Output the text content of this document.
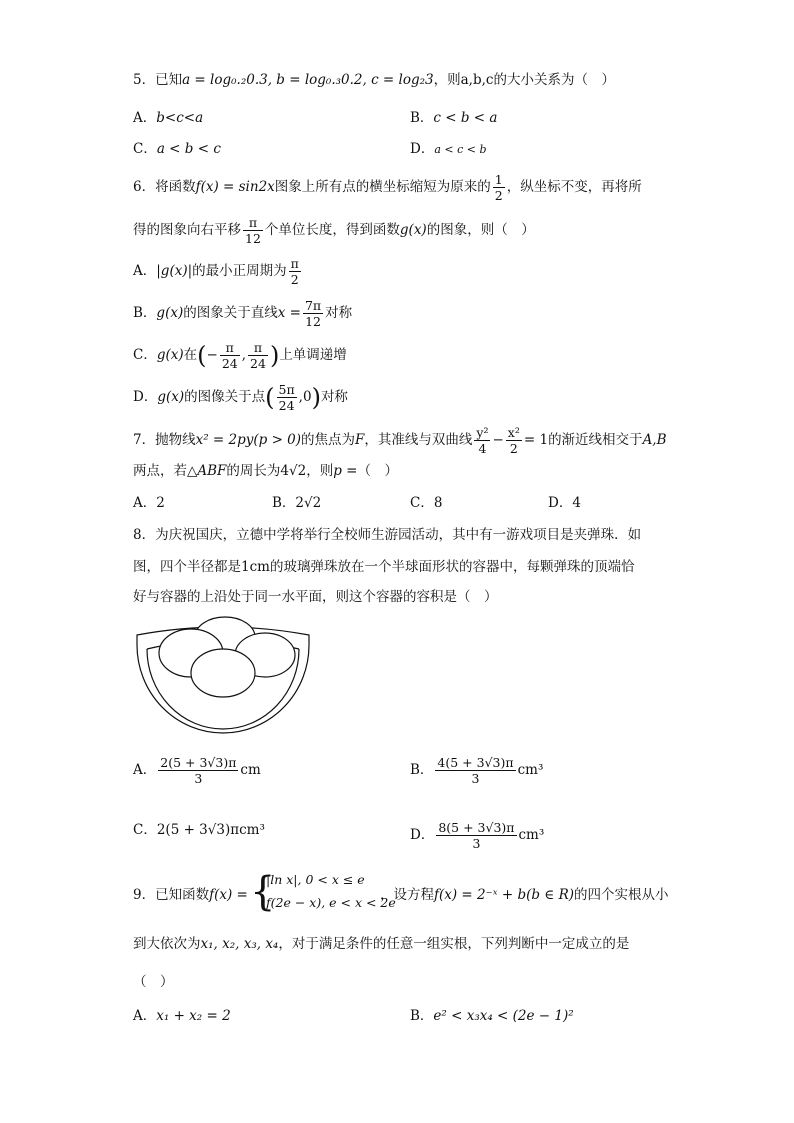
5．已知a = log₀.₂0.3, b = log₀.₃0.2, c = log₂3，则a,b,c的大小关系为（　）
A．b<c<a	B．c < b < a
C．a < b < c	D．a < c < b
6．将函数f(x) = sin2x图象上所有点的横坐标缩短为原来的 $\frac{1}{2}$ ，纵坐标不变，再将所
得的图象向右平移 $\frac{\pi}{12}$ 个单位长度，得到函数g(x)的图象，则（　）
A．|g(x)|的最小正周期为 $\frac{\pi}{2}$
B．g(x)的图象关于直线$x = \frac{7\pi}{12}$ 对称
C．g(x)在(− $\frac{\pi}{24}$ , $\frac{\pi}{24}$ )上单调递增
D．g(x)的图像关于点( $\frac{5\pi}{24} ,0$)对称
7．抛物线x² = 2py(p > 0)的焦点为F，其准线与双曲线 $\frac{\text{y²}}{4} - \frac{\text{x²}}{2} = 1$的渐近线相交于A,B
两点，若△ABF的周长为4√2，则p =（　）
A．2	B．2√2	C．8	D．4
8．为庆祝国庆，立德中学将举行全校师生游园活动，其中有一游戏项目是夹弹珠．如
图，四个半径都是1cm的玻璃弹珠放在一个半球面形状的容器中，每颗弹珠的顶端恰
好与容器的上沿处于同一水平面，则这个容器的容积是（　）
A． $\frac{2(5 + 3√3)\pi}{3}$ cm	B． $\frac{4(5 + 3√3)\pi}{3} cm^3$
C．2(5 + 3√3)πcm³	D． $\frac{8(5 + 3√3)\pi}{3} cm^3$
9．已知函数f(x) = {
|ln x|, 0 < x ≤ e
f(2e − x), e < x < 2e
，设方程f(x) = 2⁻ˣ + b(b ∈ R)的四个实根从小
到大依次为x₁, x₂, x₃, x₄，对于满足条件的任意一组实根，下列判断中一定成立的是
（　）
A．x₁ + x₂ = 2	B．e² < x₃x₄ < (2e − 1)²
